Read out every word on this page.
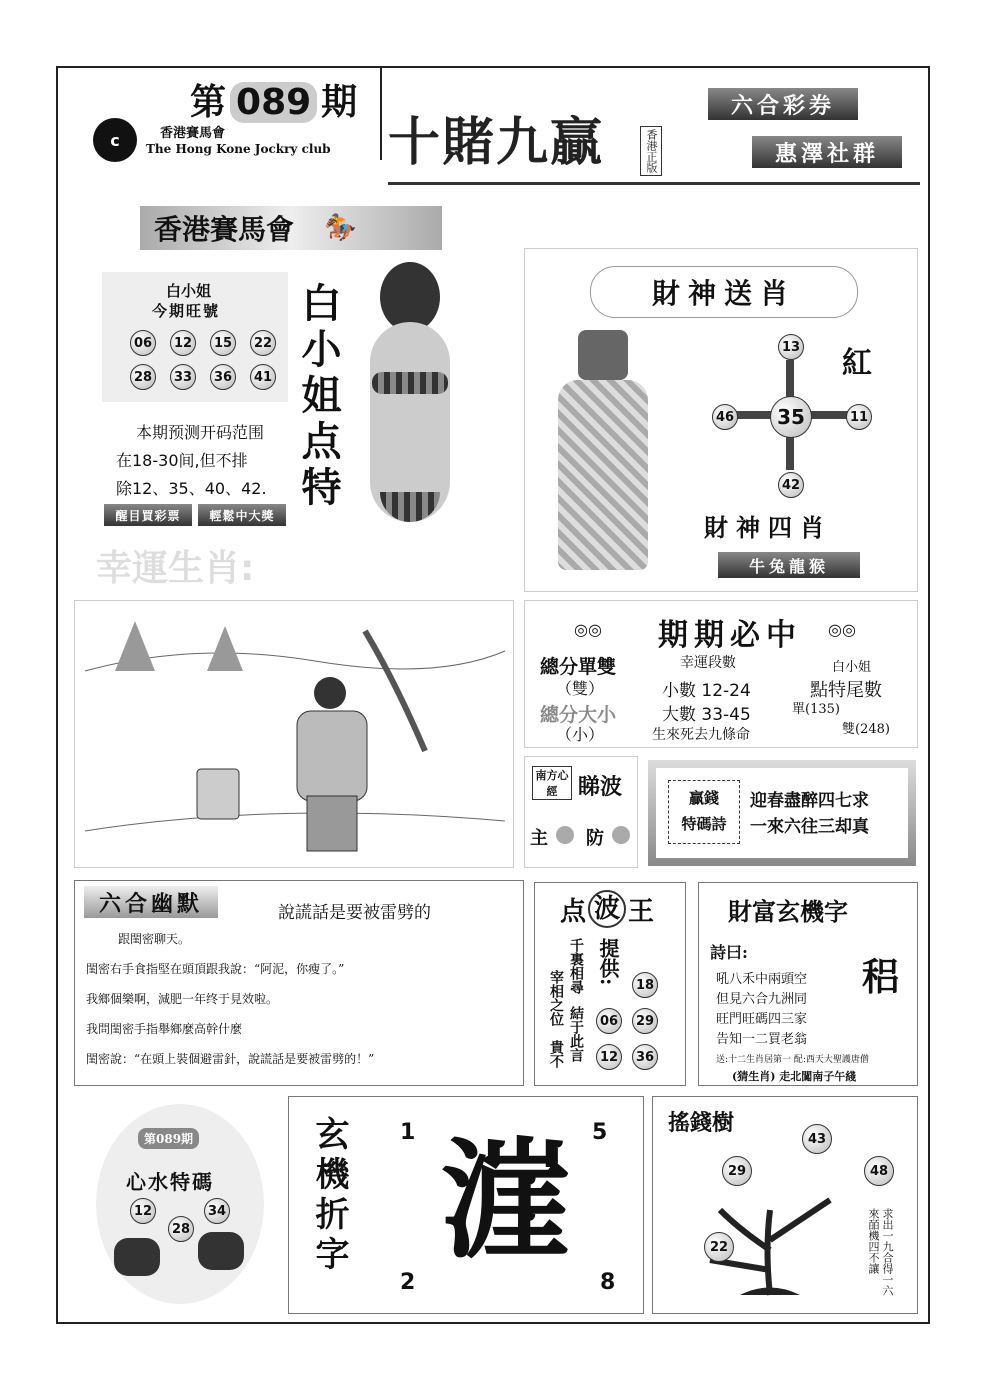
第 089 期
c	香港賽馬會
The Hong Kone Jockry club 十賭九贏	香港正版
六合彩券
惠澤社群
香港賽馬會 🏇
白小姐
今期旺號
06	12	15	22
28	33	36	41 白小姐点特
本期预测开码范围
在18-30间,但不排
除12、35、40、42.
醒目買彩票	輕鬆中大獎
幸運生肖:
財神送肖
13
46	35	11
42
紅
財神四肖
牛兔龍猴
◎◎ 期期必中 ◎◎
總分單雙
（雙）
總分大小
（小）
幸運段數
小數 12-24
大數 33-45	單(135)
雙(248)
白小姐
點特尾數
生來死去九條命
南方心經 睇波
主 防
贏錢
特碼詩
迎春盡醉四七求
一來六往三却真
六合幽默	說謊話是要被雷劈的
跟閨密聊天。
閨密右手食指堅在頭頂跟我說：“阿泥，你瘦了。”
我鄉個樂啊，減肥一年终于見效啦。
我問閨密手指舉鄉麼高幹什麼
閨密說：“在頭上裝個避雷針，說謊話是要被雷劈的！”
点 波 王
千裏相尋
結于此言
宰相之位
貴不
提供:	18
06	29
12	36
財富玄機字
詩曰:
吼八禾中兩頭空
但見六合九洲同
旺門旺碼四三家
告知一二買老翁
稆
送:十二生肖居第一 配:西天大聖護唐僧
(猜生肖) 走北闖南子午綫
第089期
心水特碼
12
28
34 玄機折字 1	5
2	8
漄
搖錢樹
43
29	48
22	求出一九合得一六來皕機四不讓
